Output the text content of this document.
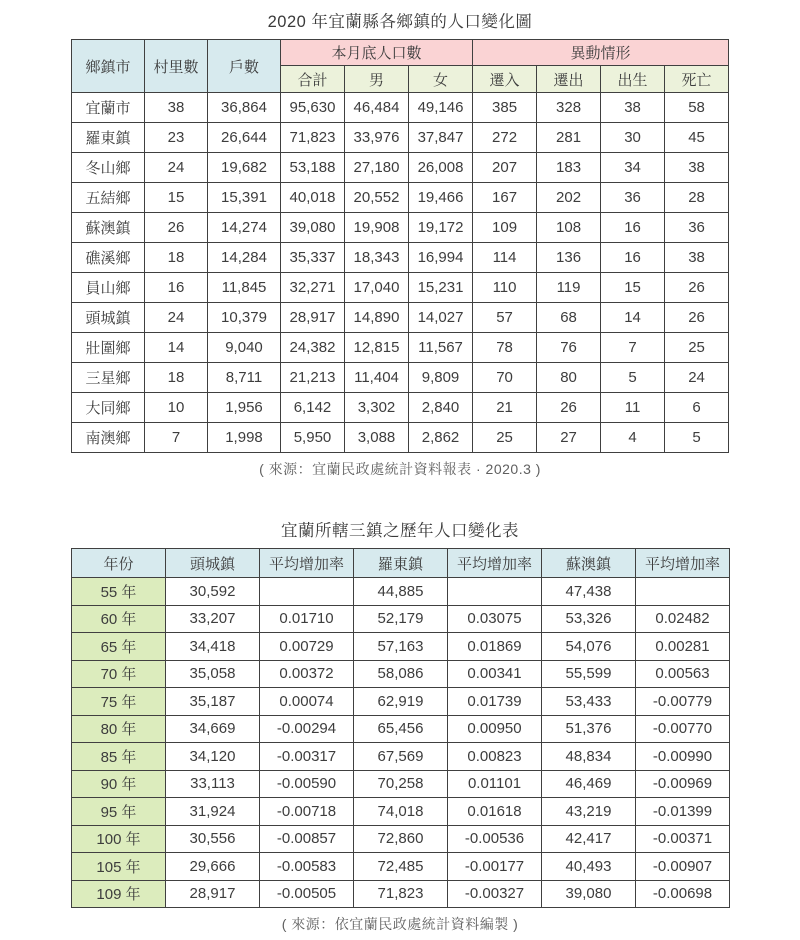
2020 年宜蘭縣各鄉鎮的人口變化圖
鄉鎮市	村里數	戶數	本月底人口數			異動情形			
			合計	男	女	遷入	遷出	出生	死亡
宜蘭市	38	36,864	95,630	46,484	49,146	385	328	38	58
羅東鎮	23	26,644	71,823	33,976	37,847	272	281	30	45
冬山鄉	24	19,682	53,188	27,180	26,008	207	183	34	38
五結鄉	15	15,391	40,018	20,552	19,466	167	202	36	28
蘇澳鎮	26	14,274	39,080	19,908	19,172	109	108	16	36
礁溪鄉	18	14,284	35,337	18,343	16,994	114	136	16	38
員山鄉	16	11,845	32,271	17,040	15,231	110	119	15	26
頭城鎮	24	10,379	28,917	14,890	14,027	57	68	14	26
壯圍鄉	14	9,040	24,382	12,815	11,567	78	76	7	25
三星鄉	18	8,711	21,213	11,404	9,809	70	80	5	24
大同鄉	10	1,956	6,142	3,302	2,840	21	26	11	6
南澳鄉	7	1,998	5,950	3,088	2,862	25	27	4	5
( 來源：宜蘭民政處統計資料報表 · 2020.3 )
宜蘭所轄三鎮之歷年人口變化表
年份	頭城鎮	平均增加率	羅東鎮	平均增加率	蘇澳鎮	平均增加率
55 年	30,592		44,885		47,438	
60 年	33,207	0.01710	52,179	0.03075	53,326	0.02482
65 年	34,418	0.00729	57,163	0.01869	54,076	0.00281
70 年	35,058	0.00372	58,086	0.00341	55,599	0.00563
75 年	35,187	0.00074	62,919	0.01739	53,433	-0.00779
80 年	34,669	-0.00294	65,456	0.00950	51,376	-0.00770
85 年	34,120	-0.00317	67,569	0.00823	48,834	-0.00990
90 年	33,113	-0.00590	70,258	0.01101	46,469	-0.00969
95 年	31,924	-0.00718	74,018	0.01618	43,219	-0.01399
100 年	30,556	-0.00857	72,860	-0.00536	42,417	-0.00371
105 年	29,666	-0.00583	72,485	-0.00177	40,493	-0.00907
109 年	28,917	-0.00505	71,823	-0.00327	39,080	-0.00698
( 來源：依宜蘭民政處統計資料編製 )
